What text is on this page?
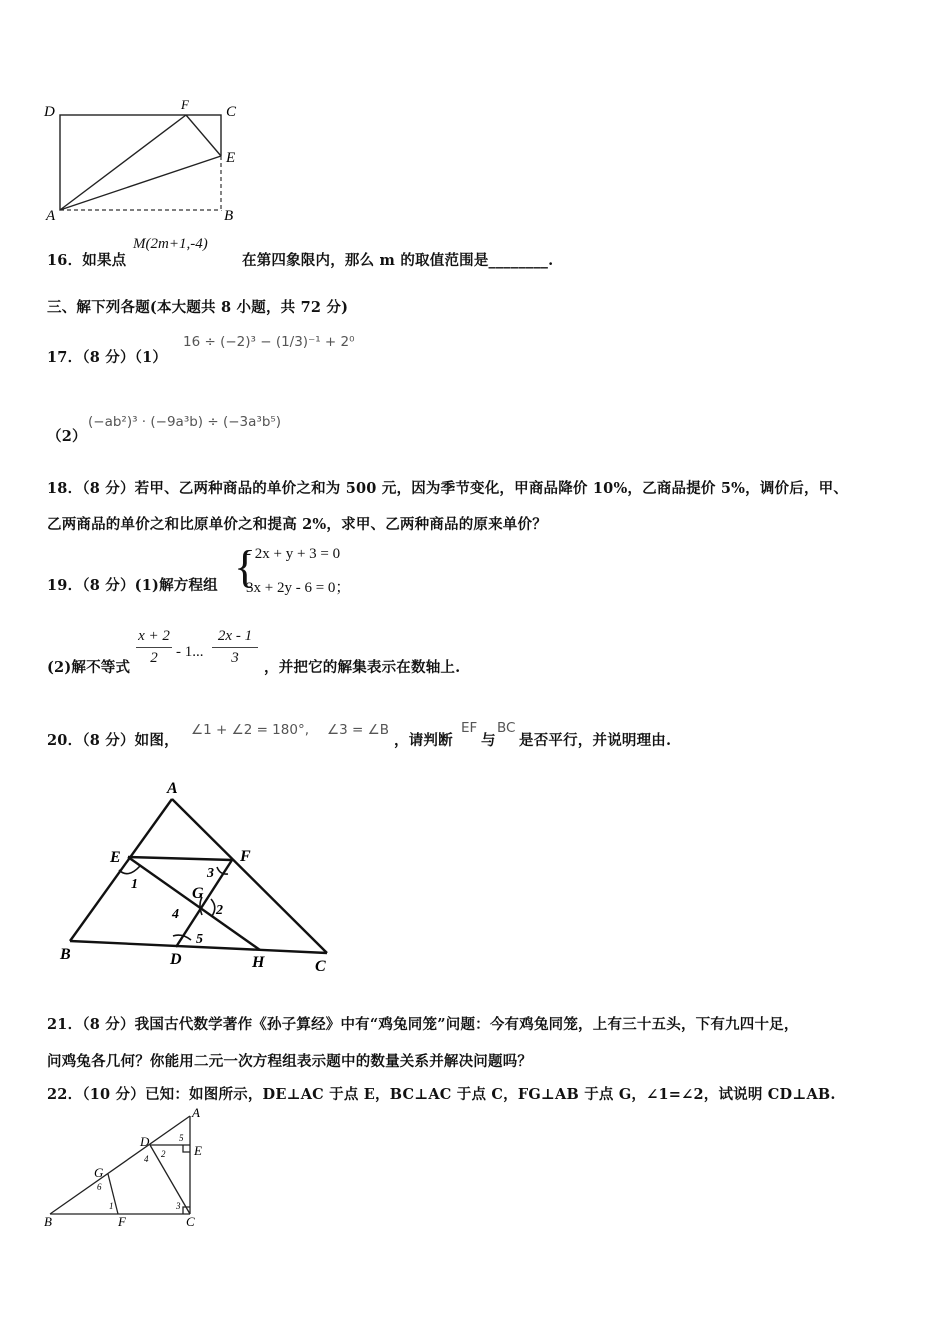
D	F C
E
A	B
16．如果点
M(2m+1,-4)
在第四象限内，那么 m 的取值范围是________.
三、解下列各题(本大题共 8 小题，共 72 分)
17．（8 分）（1）
16 ÷ (−2)³ − (1/3)⁻¹ + 2⁰
（2）
(−ab²)³ · (−9a³b) ÷ (−3a³b⁵)
18．（8 分）若甲、乙两种商品的单价之和为 500 元，因为季节变化，甲商品降价 10%，乙商品提价 5%，调价后，甲、
乙两商品的单价之和比原单价之和提高 2%，求甲、乙两种商品的原来单价？
19．（8 分）(1)解方程组 {
- 2x + y + 3 = 0
3x + 2y - 6 = 0；
(2)解不等式
$\frac{x + 2}{2} - 1$... $\frac{2x - 1}{3}$
，并把它的解集表示在数轴上.
20．（8 分）如图，
∠1 + ∠2 = 180°, ∠3 = ∠B
，请判断
EF
与
BC
是否平行，并说明理由.
A
E	F
G
B	D	H	C
1
2
3
4
5
21．（8 分）我国古代数学著作《孙子算经》中有“鸡兔同笼”问题：今有鸡兔同笼，上有三十五头，下有九四十足，
问鸡兔各几何？你能用二元一次方程组表示题中的数量关系并解决问题吗？
22．（10 分）已知：如图所示，DE⊥AC 于点 E，BC⊥AC 于点 C，FG⊥AB 于点 G，∠1=∠2，试说明 CD⊥AB.
A
D
E
G
B	F	C
1
2
3
4
5
6
